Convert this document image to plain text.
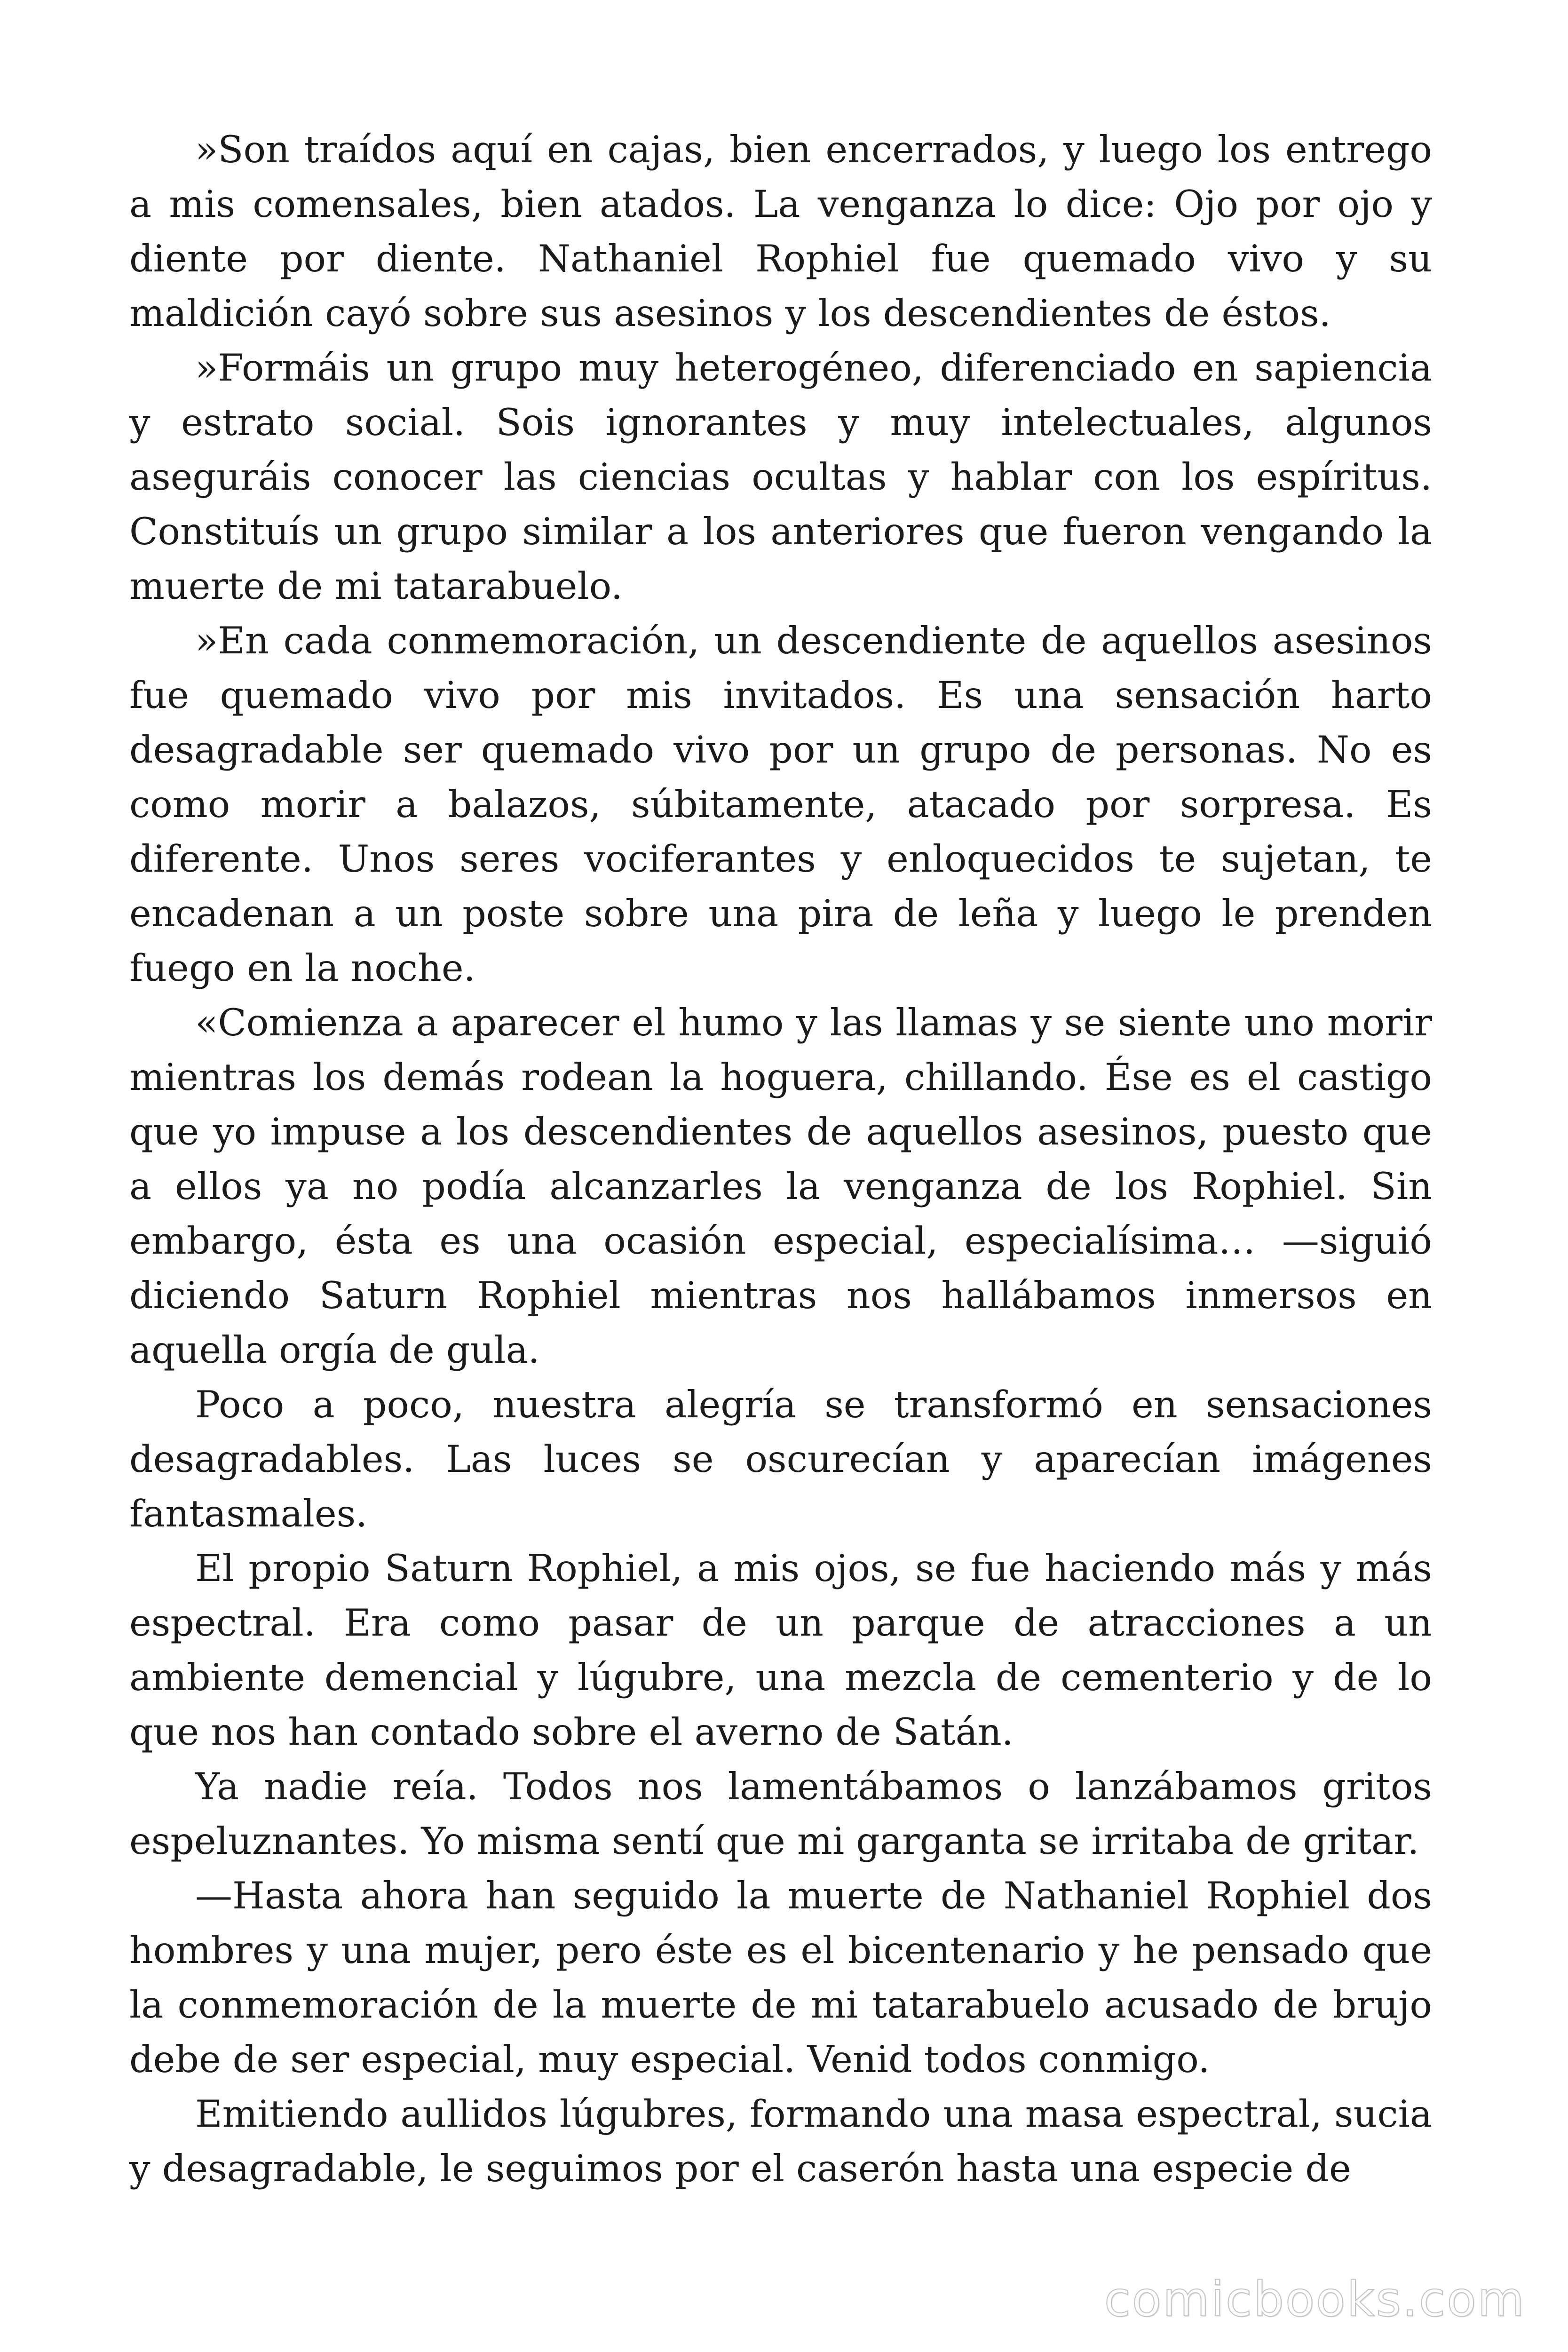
»Son traídos aquí en cajas, bien encerrados, y luego los entrego a mis comensales, bien atados. La venganza lo dice: Ojo por ojo y diente por diente. Nathaniel Rophiel fue quemado vivo y su maldición cayó sobre sus asesinos y los descendientes de éstos.

»Formáis un grupo muy heterogéneo, diferenciado en sapiencia y estrato social. Sois ignorantes y muy intelectuales, algunos aseguráis conocer las ciencias ocultas y hablar con los espíritus. Constituís un grupo similar a los anteriores que fueron vengando la muerte de mi tatarabuelo.

»En cada conmemoración, un descendiente de aquellos asesinos fue quemado vivo por mis invitados. Es una sensación harto desagradable ser quemado vivo por un grupo de personas. No es como morir a balazos, súbitamente, atacado por sorpresa. Es diferente. Unos seres vociferantes y enloquecidos te sujetan, te encadenan a un poste sobre una pira de leña y luego le prenden fuego en la noche.

«Comienza a aparecer el humo y las llamas y se siente uno morir mientras los demás rodean la hoguera, chillando. Ése es el castigo que yo impuse a los descendientes de aquellos asesinos, puesto que a ellos ya no podía alcanzarles la venganza de los Rophiel. Sin embargo, ésta es una ocasión especial, especialísima… —siguió diciendo Saturn Rophiel mientras nos hallábamos inmersos en aquella orgía de gula.

Poco a poco, nuestra alegría se transformó en sensaciones desagradables. Las luces se oscurecían y aparecían imágenes fantasmales.

El propio Saturn Rophiel, a mis ojos, se fue haciendo más y más espectral. Era como pasar de un parque de atracciones a un ambiente demencial y lúgubre, una mezcla de cementerio y de lo que nos han contado sobre el averno de Satán.

Ya nadie reía. Todos nos lamentábamos o lanzábamos gritos espeluznantes. Yo misma sentí que mi garganta se irritaba de gritar.

—Hasta ahora han seguido la muerte de Nathaniel Rophiel dos hombres y una mujer, pero éste es el bicentenario y he pensado que la conmemoración de la muerte de mi tatarabuelo acusado de brujo debe de ser especial, muy especial. Venid todos conmigo.

Emitiendo aullidos lúgubres, formando una masa espectral, sucia y desagradable, le seguimos por el caserón hasta una especie de

comicbooks.com
